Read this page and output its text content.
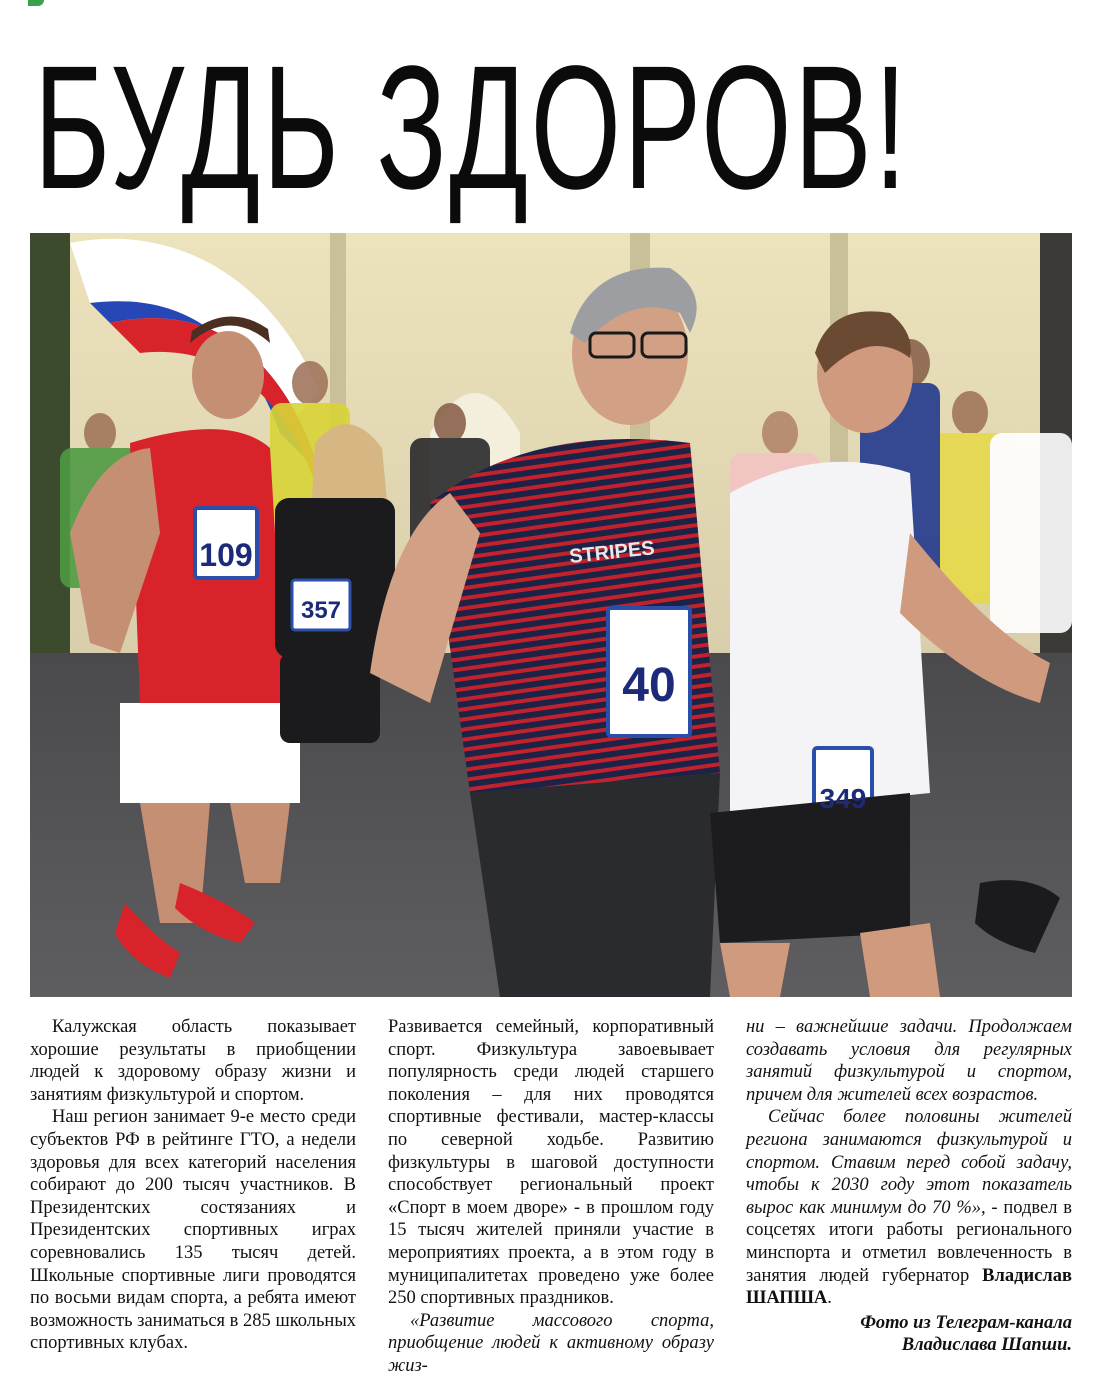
БУДЬ ЗДОРОВ!
109
357
40
349
STRIPES

Калужская область показывает хорошие результаты в приобщении людей к здоровому образу жизни и занятиям физкультурой и спортом.

Наш регион занимает 9-е место среди субъектов РФ в рейтинге ГТО, а недели здоровья для всех категорий населения собирают до 200 тысяч участников. В Президентских состязаниях и Президентских спортивных играх соревновались 135 тысяч детей. Школьные спортивные лиги проводятся по восьми видам спорта, а ребята имеют возможность заниматься в 285 школьных спортивных клубах.

Развивается семейный, корпоративный спорт. Физкультура завоевывает популярность среди людей старшего поколения – для них проводятся спортивные фестивали, мастер-классы по северной ходьбе. Развитию физкультуры в шаговой доступности способствует региональный проект «Спорт в моем дворе» - в прошлом году 15 тысяч жителей приняли участие в мероприятиях проекта, а в этом году в муниципалитетах проведено уже более 250 спортивных праздников.

«Развитие массового спорта, приобщение людей к активному образу жиз-

ни – важнейшие задачи. Продолжаем создавать условия для регулярных занятий физкультурой и спортом, причем для жителей всех возрастов.

Сейчас более половины жителей региона занимаются физкультурой и спортом. Ставим перед собой задачу, чтобы к 2030 году этот показатель вырос как минимум до 70 %», - подвел в соцсетях итоги работы регионального минспорта и отметил вовлеченность в занятия людей губернатор Владислав ШАПША.

Фото из Телеграм-канала
Владислава Шапши.
